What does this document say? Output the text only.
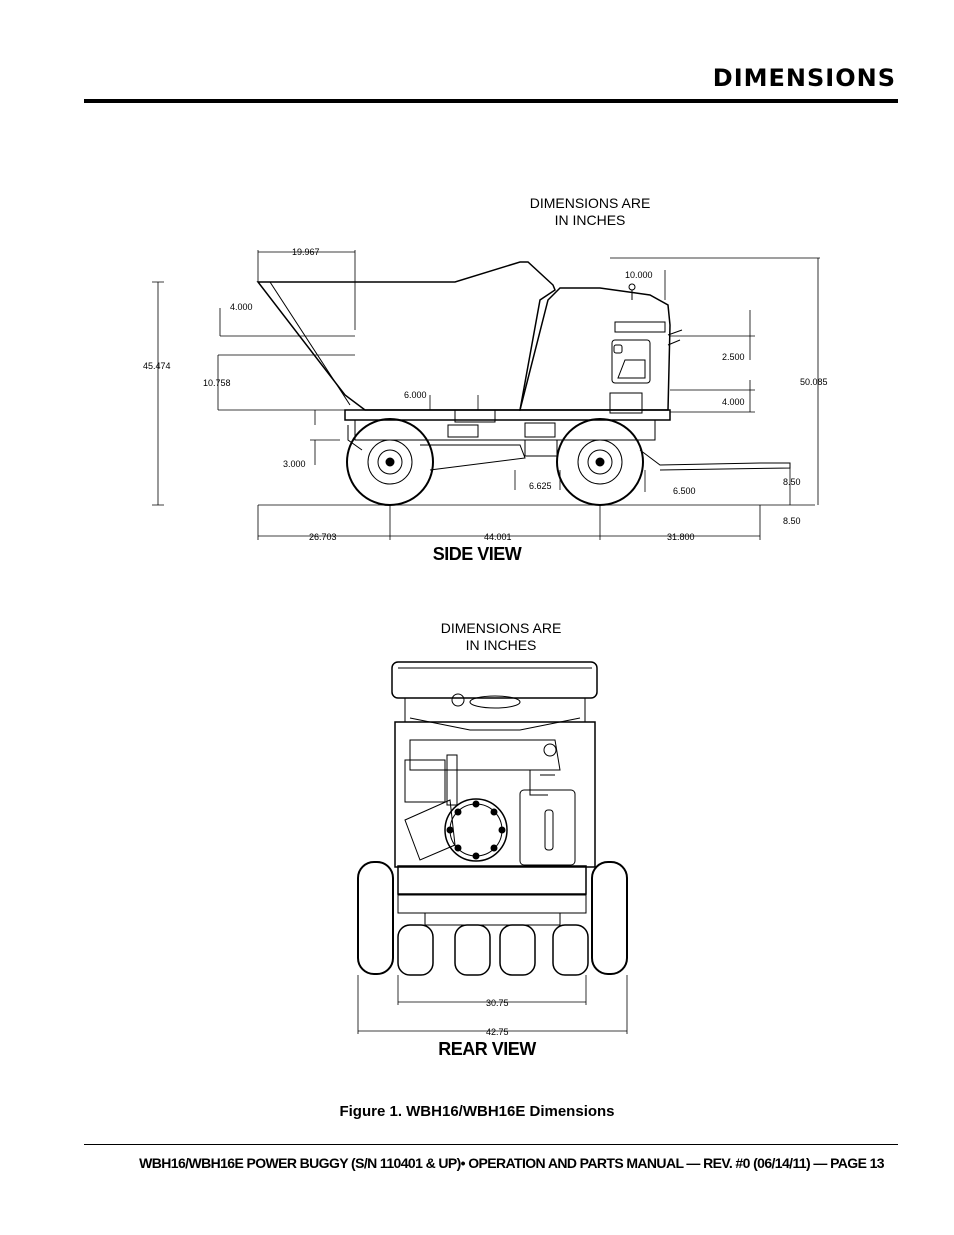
DIMENSIONS
19.967
4.000
45.474
10.758
6.000
3.000
6.625	6.500
10.000
2.500
4.000
50.085
8.50
8.50
26.703	44.001	31.800
DIMENSIONS ARE
IN INCHES
SIDE VIEW
30.75
42.75
DIMENSIONS ARE
IN INCHES
REAR VIEW
Figure 1. WBH16/WBH16E Dimensions
WBH16/WBH16E POWER BUGGY (S/N 110401 & UP)• OPERATION AND PARTS MANUAL — REV. #0 (06/14/11) — PAGE 13
